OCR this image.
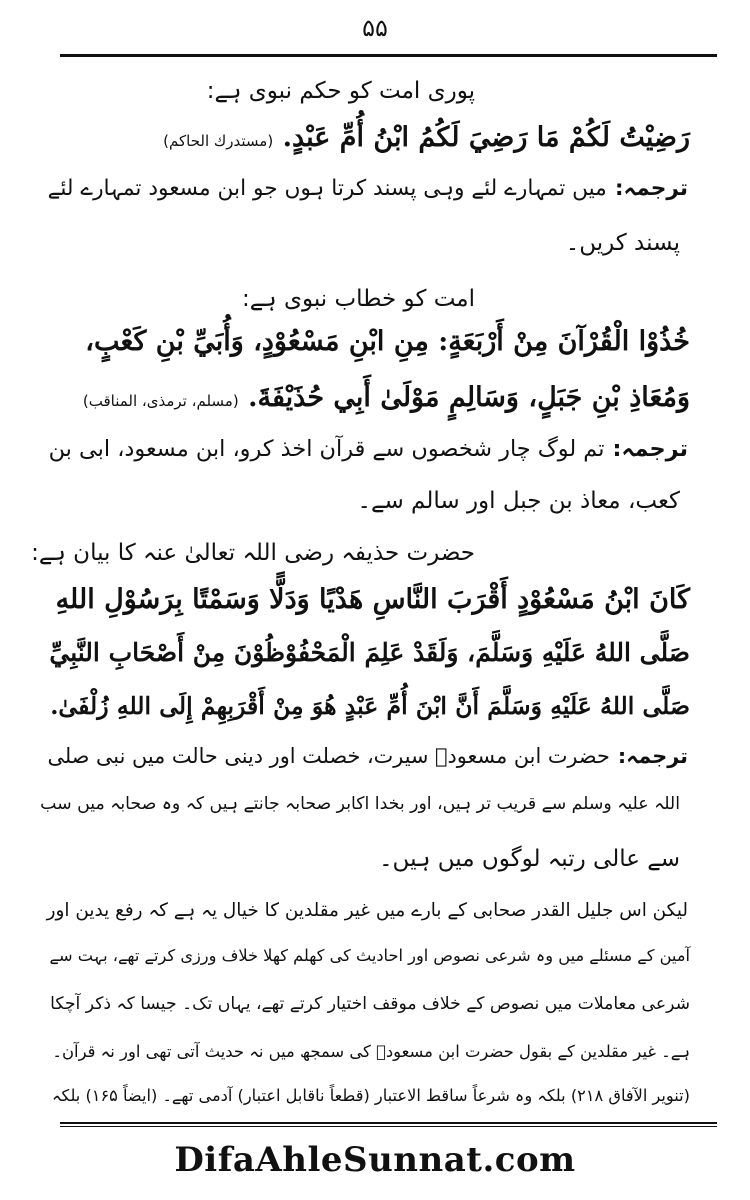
۵۵
پوری امت کو حکم نبوی ہے:
رَضِيْتُ لَكُمْ مَا رَضِيَ لَكُمُ ابْنُ أُمِّ عَبْدٍ. (مستدرك الحاكم)
ترجمہ:میں تمہارے لئے وہی پسند کرتا ہوں جو ابن مسعود تمہارے لئے
پسند کریں۔
امت کو خطاب نبوی ہے:
خُذُوْا الْقُرْآنَ مِنْ أَرْبَعَةٍ: مِنِ ابْنِ مَسْعُوْدٍ، وَأُبَيِّ بْنِ كَعْبٍ،
وَمُعَاذِ بْنِ جَبَلٍ، وَسَالِمٍ مَوْلَىٰ أَبِي حُذَيْفَةَ. (مسلم، ترمذی، المناقب)
ترجمہ:تم لوگ چار شخصوں سے قرآن اخذ کرو، ابن مسعود، ابی بن
کعب، معاذ بن جبل اور سالم سے۔
حضرت حذیفہ رضی اللہ تعالیٰ عنہ کا بیان ہے:
كَانَ ابْنُ مَسْعُوْدٍ أَقْرَبَ النَّاسِ هَدْيًا وَدَلًّا وَسَمْتًا بِرَسُوْلِ اللهِ
صَلَّى اللهُ عَلَيْهِ وَسَلَّمَ، وَلَقَدْ عَلِمَ الْمَحْفُوْظُوْنَ مِنْ أَصْحَابِ النَّبِيِّ
صَلَّى اللهُ عَلَيْهِ وَسَلَّمَ أَنَّ ابْنَ أُمِّ عَبْدٍ هُوَ مِنْ أَقْرَبِهِمْ إِلَى اللهِ زُلْفَىٰ.
ترجمہ:حضرت ابن مسعودؓ سیرت، خصلت اور دینی حالت میں نبی صلی
اللہ علیہ وسلم سے قریب تر ہیں، اور بخدا اکابر صحابہ جانتے ہیں کہ وہ صحابہ میں سب
سے عالی رتبہ لوگوں میں ہیں۔
لیکن اس جلیل القدر صحابی کے بارے میں غیر مقلدین کا خیال یہ ہے کہ رفع یدین اور
آمین کے مسئلے میں وہ شرعی نصوص اور احادیث کی کھلم کھلا خلاف ورزی کرتے تھے، بہت سے
شرعی معاملات میں نصوص کے خلاف موقف اختیار کرتے تھے، یہاں تک۔ جیسا کہ ذکر آچکا
ہے۔ غیر مقلدین کے بقول حضرت ابن مسعودؓ کی سمجھ میں نہ حدیث آتی تھی اور نہ قرآن۔
(تنویر الآفاق ۲۱۸) بلکہ وہ شرعاً ساقط الاعتبار (قطعاً ناقابل اعتبار) آدمی تھے۔ (ایضاً ۱۶۵) بلکہ
DifaAhleSunnat.com
